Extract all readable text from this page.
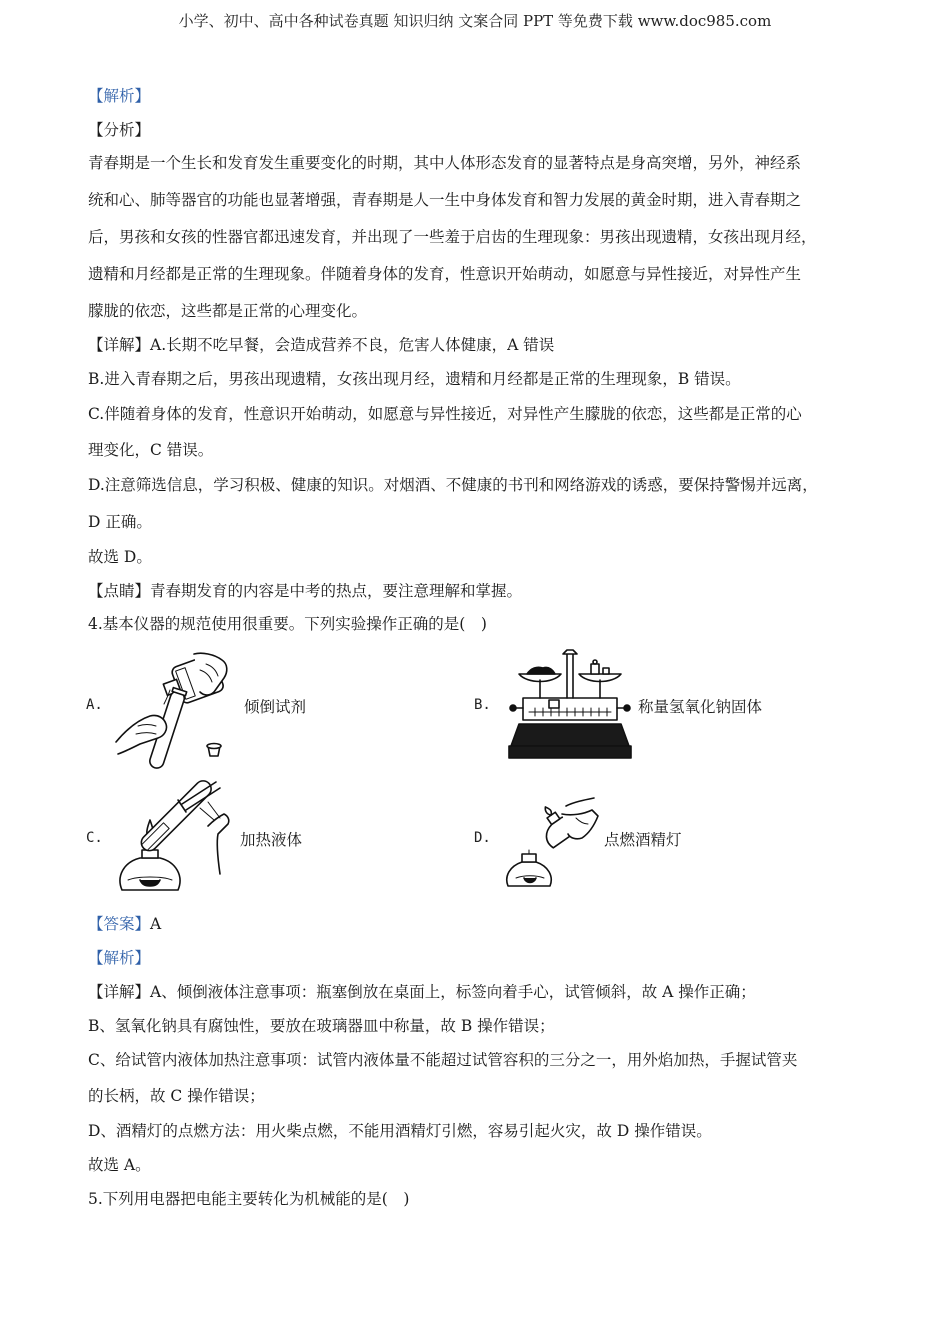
小学、初中、高中各种试卷真题 知识归纳 文案合同 PPT 等免费下载 www.doc985.com
【解析】
【分析】
青春期是一个生长和发育发生重要变化的时期，其中人体形态发育的显著特点是身高突增，另外，神经系
统和心、肺等器官的功能也显著增强，青春期是人一生中身体发育和智力发展的黄金时期，进入青春期之
后，男孩和女孩的性器官都迅速发育，并出现了一些羞于启齿的生理现象：男孩出现遗精，女孩出现月经，
遗精和月经都是正常的生理现象。伴随着身体的发育，性意识开始萌动，如愿意与异性接近，对异性产生
朦胧的依恋，这些都是正常的心理变化。
【详解】A.长期不吃早餐，会造成营养不良，危害人体健康，A 错误
B.进入青春期之后，男孩出现遗精，女孩出现月经，遗精和月经都是正常的生理现象，B 错误。
C.伴随着身体的发育，性意识开始萌动，如愿意与异性接近，对异性产生朦胧的依恋，这些都是正常的心
理变化，C 错误。
D.注意筛选信息，学习积极、健康的知识。对烟酒、不健康的书刊和网络游戏的诱惑，要保持警惕并远离，
D 正确。
故选 D。
【点睛】青春期发育的内容是中考的热点，要注意理解和掌握。
4.基本仪器的规范使用很重要。下列实验操作正确的是(　)
A.	倾倒试剂	B.	称量氢氧化钠固体
C.	加热液体	D.	点燃酒精灯
【答案】A
【解析】
【详解】A、倾倒液体注意事项：瓶塞倒放在桌面上，标签向着手心，试管倾斜，故 A 操作正确；
B、氢氧化钠具有腐蚀性，要放在玻璃器皿中称量，故 B 操作错误；
C、给试管内液体加热注意事项：试管内液体量不能超过试管容积的三分之一，用外焰加热，手握试管夹
的长柄，故 C 操作错误；
D、酒精灯的点燃方法：用火柴点燃，不能用酒精灯引燃，容易引起火灾，故 D 操作错误。
故选 A。
5.下列用电器把电能主要转化为机械能的是(　)
